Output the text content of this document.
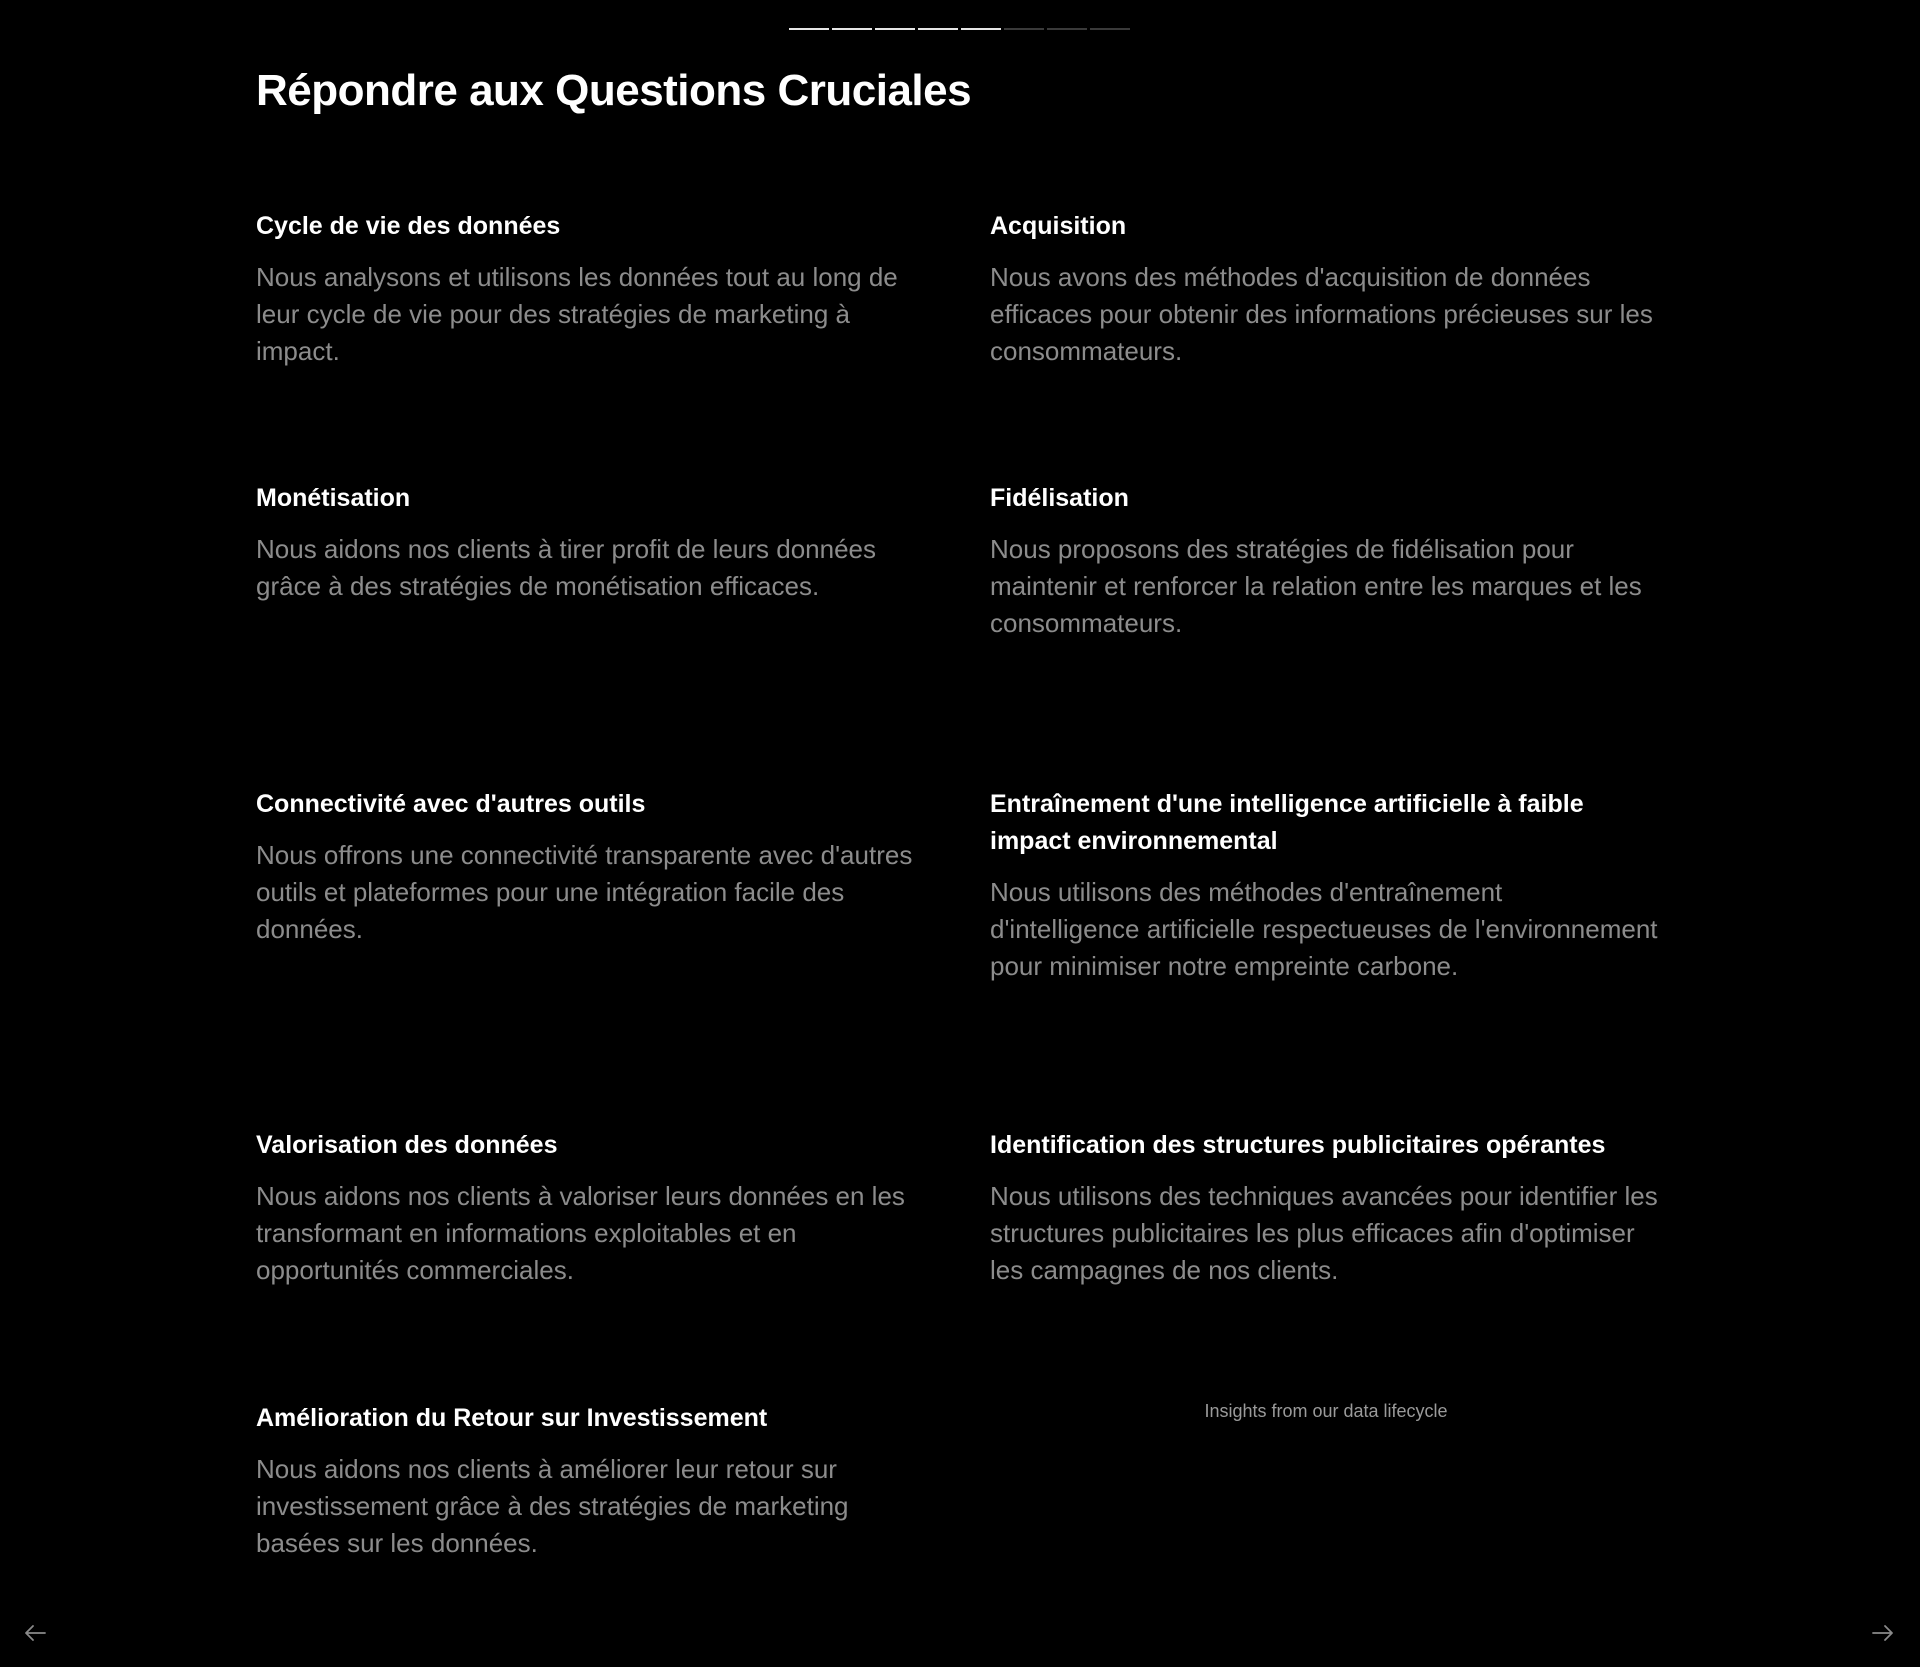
Répondre aux Questions Cruciales
Cycle de vie des données

Nous analysons et utilisons les données tout au long de leur cycle de vie pour des stratégies de marketing à impact.

Acquisition

Nous avons des méthodes d'acquisition de données efficaces pour obtenir des informations précieuses sur les consommateurs.

Monétisation

Nous aidons nos clients à tirer profit de leurs données grâce à des stratégies de monétisation efficaces.

Fidélisation

Nous proposons des stratégies de fidélisation pour maintenir et renforcer la relation entre les marques et les consommateurs.

Connectivité avec d'autres outils

Nous offrons une connectivité transparente avec d'autres outils et plateformes pour une intégration facile des données.

Entraînement d'une intelligence artificielle à faible impact environnemental

Nous utilisons des méthodes d'entraînement d'intelligence artificielle respectueuses de l'environnement pour minimiser notre empreinte carbone.

Valorisation des données

Nous aidons nos clients à valoriser leurs données en les transformant en informations exploitables et en opportunités commerciales.

Identification des structures publicitaires opérantes

Nous utilisons des techniques avancées pour identifier les structures publicitaires les plus efficaces afin d'optimiser les campagnes de nos clients.

Amélioration du Retour sur Investissement

Nous aidons nos clients à améliorer leur retour sur investissement grâce à des stratégies de marketing basées sur les données.

Insights from our data lifecycle
